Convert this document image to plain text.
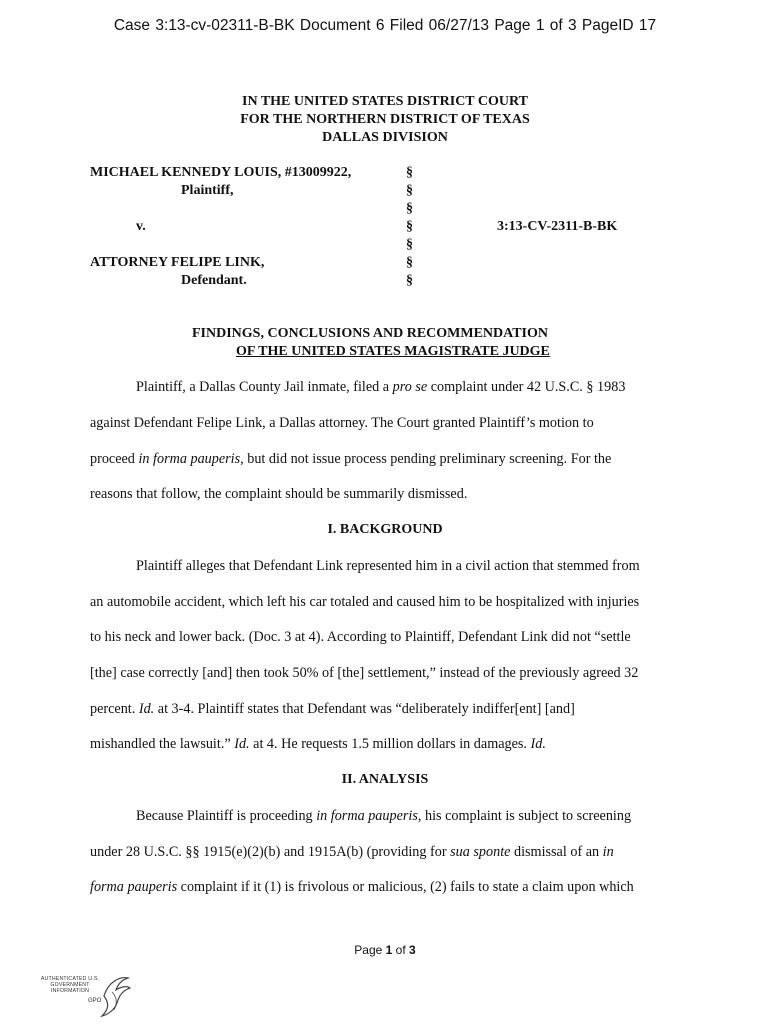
Case 3:13-cv-02311-B-BK Document 6 Filed 06/27/13 Page 1 of 3 PageID 17
IN THE UNITED STATES DISTRICT COURT
FOR THE NORTHERN DISTRICT OF TEXAS
DALLAS DIVISION
MICHAEL KENNEDY LOUIS, #13009922,
Plaintiff,
v.
ATTORNEY FELIPE LINK,
Defendant.
3:13-CV-2311-B-BK
§
§
§
§
§
§
§
FINDINGS, CONCLUSIONS AND RECOMMENDATION
OF THE UNITED STATES MAGISTRATE JUDGE
Plaintiff, a Dallas County Jail inmate, filed a pro se complaint under 42 U.S.C. § 1983
against Defendant Felipe Link, a Dallas attorney. The Court granted Plaintiff’s motion to
proceed in forma pauperis, but did not issue process pending preliminary screening. For the
reasons that follow, the complaint should be summarily dismissed.
I. BACKGROUND
Plaintiff alleges that Defendant Link represented him in a civil action that stemmed from
an automobile accident, which left his car totaled and caused him to be hospitalized with injuries
to his neck and lower back. (Doc. 3 at 4). According to Plaintiff, Defendant Link did not “settle
[the] case correctly [and] then took 50% of [the] settlement,” instead of the previously agreed 32
percent. Id. at 3-4. Plaintiff states that Defendant was “deliberately indiffer[ent] [and]
mishandled the lawsuit.” Id. at 4. He requests 1.5 million dollars in damages. Id.
II. ANALYSIS
Because Plaintiff is proceeding in forma pauperis, his complaint is subject to screening
under 28 U.S.C. §§ 1915(e)(2)(b) and 1915A(b) (providing for sua sponte dismissal of an in
forma pauperis complaint if it (1) is frivolous or malicious, (2) fails to state a claim upon which
Page 1 of 3
AUTHENTICATED U.S. GOVERNMENT INFORMATION
GPO
